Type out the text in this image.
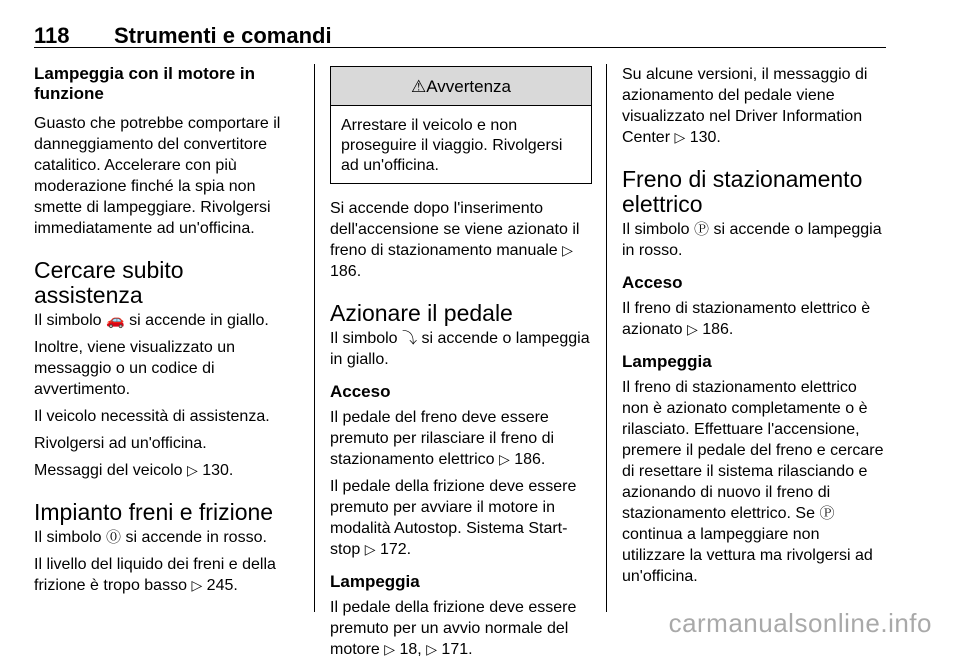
118 Strumenti e comandi
Lampeggia con il motore in funzione

Guasto che potrebbe comportare il danneggiamento del convertitore catalitico. Accelerare con più moderazione finché la spia non smette di lampeggiare. Rivolgersi immediatamente ad un'officina.

Cercare subito assistenza

Il simbolo 🚗 si accende in giallo.

Inoltre, viene visualizzato un messaggio o un codice di avvertimento.

Il veicolo necessità di assistenza.

Rivolgersi ad un'officina.

Messaggi del veicolo ▷ 130.

Impianto freni e frizione

Il simbolo ⓪ si accende in rosso.

Il livello del liquido dei freni e della frizione è tropo basso ▷ 245.

⚠Avvertenza
Arrestare il veicolo e non proseguire il viaggio. Rivolgersi ad un'officina.

Si accende dopo l'inserimento dell'accensione se viene azionato il freno di stazionamento manuale ▷ 186.

Azionare il pedale

Il simbolo ⤵ si accende o lampeggia in giallo.

Acceso

Il pedale del freno deve essere premuto per rilasciare il freno di stazionamento elettrico ▷ 186.

Il pedale della frizione deve essere premuto per avviare il motore in modalità Autostop. Sistema Start-stop ▷ 172.

Lampeggia

Il pedale della frizione deve essere premuto per un avvio normale del motore ▷ 18, ▷ 171.

Su alcune versioni, il messaggio di azionamento del pedale viene visualizzato nel Driver Information Center ▷ 130.

Freno di stazionamento elettrico

Il simbolo Ⓟ si accende o lampeggia in rosso.

Acceso

Il freno di stazionamento elettrico è azionato ▷ 186.

Lampeggia

Il freno di stazionamento elettrico non è azionato completamente o è rilasciato. Effettuare l'accensione, premere il pedale del freno e cercare di resettare il sistema rilasciando e azionando di nuovo il freno di stazionamento elettrico. Se Ⓟ continua a lampeggiare non utilizzare la vettura ma rivolgersi ad un'officina.

carmanualsonline.info
